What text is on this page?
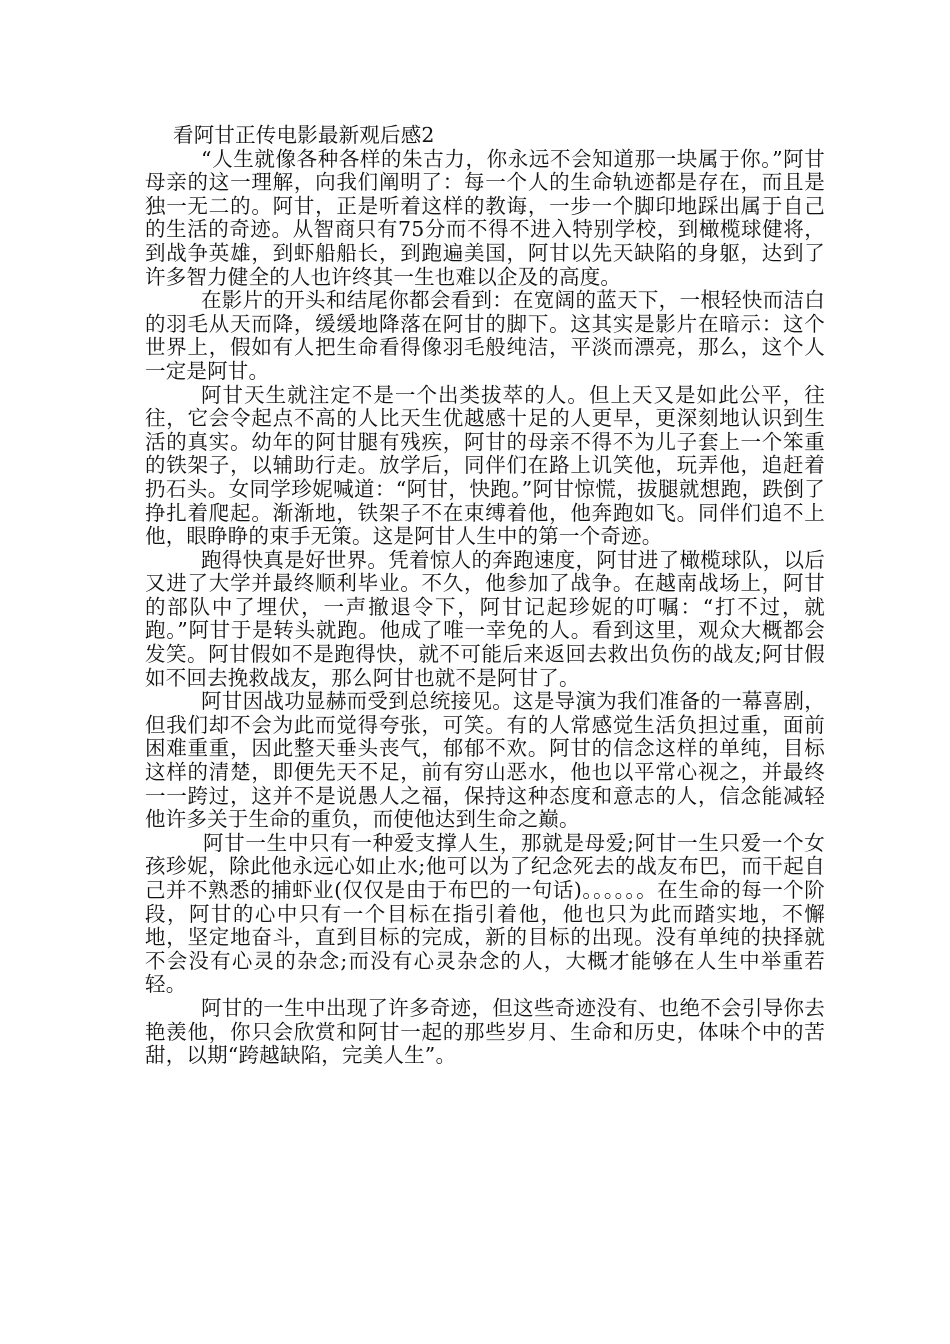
看阿甘正传电影最新观后感2

“人生就像各种各样的朱古力，你永远不会知道那一块属于你。”阿甘母亲的这一理解，向我们阐明了：每一个人的生命轨迹都是存在，而且是独一无二的。阿甘，正是听着这样的教诲，一步一个脚印地踩出属于自己的生活的奇迹。从智商只有75分而不得不进入特别学校，到橄榄球健将，到战争英雄，到虾船船长，到跑遍美国，阿甘以先天缺陷的身躯，达到了许多智力健全的人也许终其一生也难以企及的高度。

在影片的开头和结尾你都会看到：在宽阔的蓝天下，一根轻快而洁白的羽毛从天而降，缓缓地降落在阿甘的脚下。这其实是影片在暗示：这个世界上，假如有人把生命看得像羽毛般纯洁，平淡而漂亮，那么，这个人一定是阿甘。

阿甘天生就注定不是一个出类拔萃的人。但上天又是如此公平，往往，它会令起点不高的人比天生优越感十足的人更早，更深刻地认识到生活的真实。幼年的阿甘腿有残疾，阿甘的母亲不得不为儿子套上一个笨重的铁架子，以辅助行走。放学后，同伴们在路上讥笑他，玩弄他，追赶着扔石头。女同学珍妮喊道：“阿甘，快跑。”阿甘惊慌，拔腿就想跑，跌倒了挣扎着爬起。渐渐地，铁架子不在束缚着他，他奔跑如飞。同伴们追不上他，眼睁睁的束手无策。这是阿甘人生中的第一个奇迹。

跑得快真是好世界。凭着惊人的奔跑速度，阿甘进了橄榄球队，以后又进了大学并最终顺利毕业。不久，他参加了战争。在越南战场上，阿甘的部队中了埋伏，一声撤退令下，阿甘记起珍妮的叮嘱：“打不过，就跑。”阿甘于是转头就跑。他成了唯一幸免的人。看到这里，观众大概都会发笑。阿甘假如不是跑得快，就不可能后来返回去救出负伤的战友;阿甘假如不回去挽救战友，那么阿甘也就不是阿甘了。

阿甘因战功显赫而受到总统接见。这是导演为我们准备的一幕喜剧，但我们却不会为此而觉得夸张，可笑。有的人常感觉生活负担过重，面前困难重重，因此整天垂头丧气，郁郁不欢。阿甘的信念这样的单纯，目标这样的清楚，即便先天不足，前有穷山恶水，他也以平常心视之，并最终一一跨过，这并不是说愚人之福，保持这种态度和意志的人，信念能减轻他许多关于生命的重负，而使他达到生命之巅。

阿甘一生中只有一种爱支撑人生，那就是母爱;阿甘一生只爱一个女孩珍妮，除此他永远心如止水;他可以为了纪念死去的战友布巴，而干起自己并不熟悉的捕虾业(仅仅是由于布巴的一句话)。。。。。。在生命的每一个阶段，阿甘的心中只有一个目标在指引着他，他也只为此而踏实地，不懈地，坚定地奋斗，直到目标的完成，新的目标的出现。没有单纯的抉择就不会没有心灵的杂念;而没有心灵杂念的人，大概才能够在人生中举重若轻。

阿甘的一生中出现了许多奇迹，但这些奇迹没有、也绝不会引导你去艳羡他，你只会欣赏和阿甘一起的那些岁月、生命和历史，体味个中的苦甜，以期“跨越缺陷，完美人生”。
